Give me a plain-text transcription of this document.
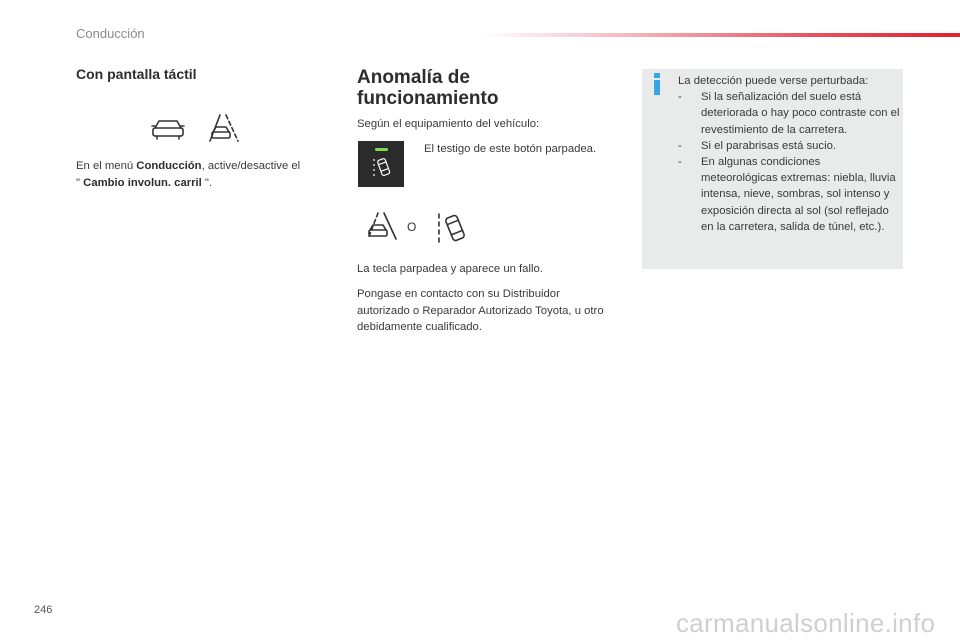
Conducción
Con pantalla táctil
En el menú Conducción, active/desactive el
" Cambio involun. carril ".
Anomalía de funcionamiento
Según el equipamiento del vehículo:
El testigo de este botón parpadea.
O
La tecla parpadea y aparece un fallo.
Pongase en contacto con su Distribuidor autorizado o Reparador Autorizado Toyota, u otro debidamente cualificado.
La detección puede verse perturbada:
- Si la señalización del suelo está deteriorada o hay poco contraste con el revestimiento de la carretera.
- Si el parabrisas está sucio.
- En algunas condiciones meteorológicas extremas: niebla, lluvia intensa, nieve, sombras, sol intenso y exposición directa al sol (sol reflejado en la carretera, salida de túnel, etc.).
246	carmanualsonline.info
